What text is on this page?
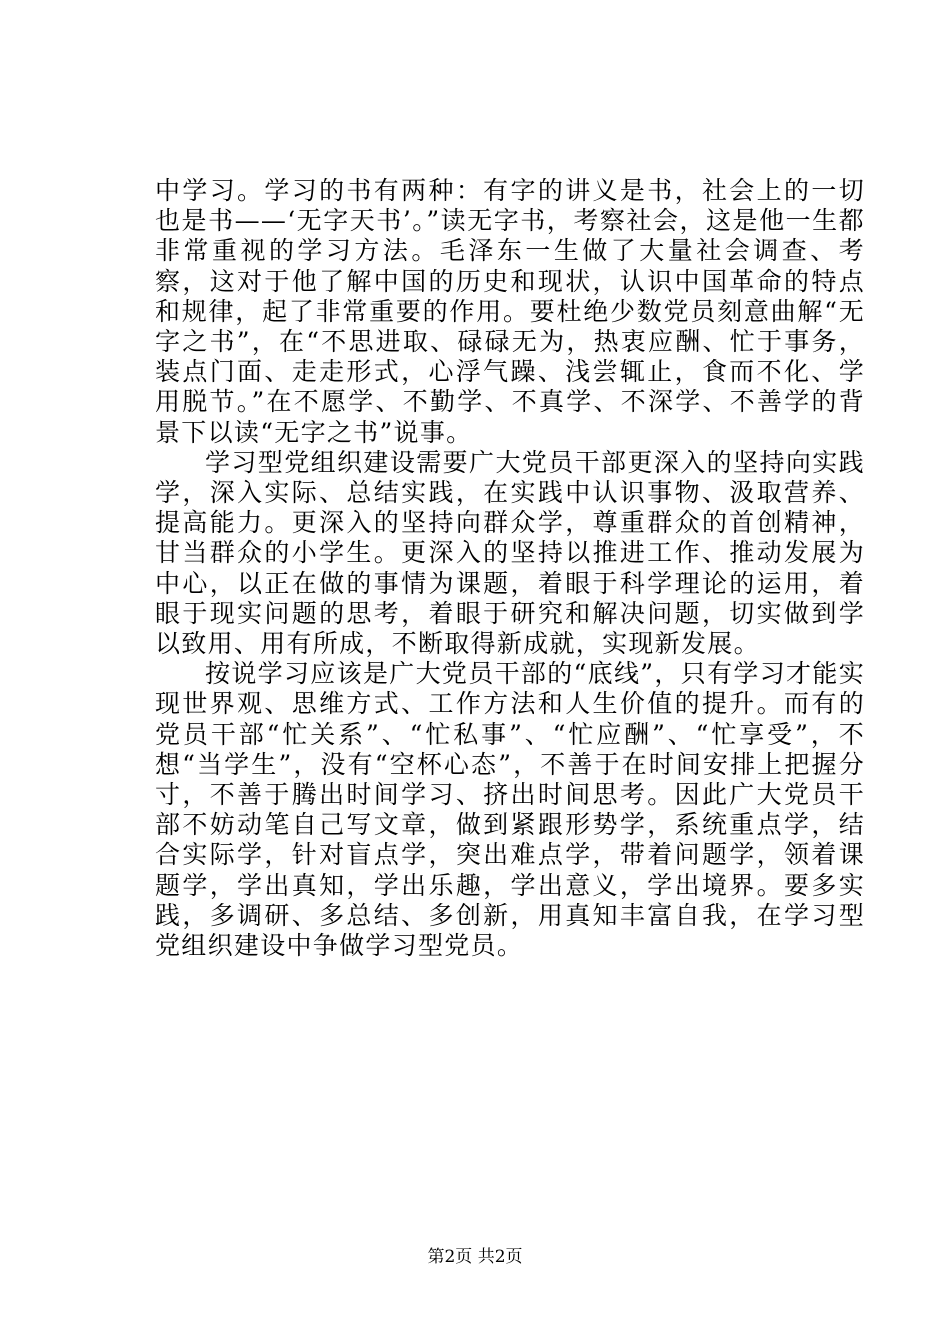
中学习。学习的书有两种：有字的讲义是书，社会上的一切也是书——‘无字天书’。”读无字书，考察社会，这是他一生都非常重视的学习方法。毛泽东一生做了大量社会调查、考察，这对于他了解中国的历史和现状，认识中国革命的特点和规律，起了非常重要的作用。要杜绝少数党员刻意曲解“无字之书”，在“不思进取、碌碌无为，热衷应酬、忙于事务，装点门面、走走形式，心浮气躁、浅尝辄止，食而不化、学用脱节。”在不愿学、不勤学、不真学、不深学、不善学的背景下以读“无字之书”说事。

学习型党组织建设需要广大党员干部更深入的坚持向实践学，深入实际、总结实践，在实践中认识事物、汲取营养、提高能力。更深入的坚持向群众学，尊重群众的首创精神，甘当群众的小学生。更深入的坚持以推进工作、推动发展为中心，以正在做的事情为课题，着眼于科学理论的运用，着眼于现实问题的思考，着眼于研究和解决问题，切实做到学以致用、用有所成，不断取得新成就，实现新发展。

按说学习应该是广大党员干部的“底线”，只有学习才能实现世界观、思维方式、工作方法和人生价值的提升。而有的党员干部“忙关系”、“忙私事”、“忙应酬”、“忙享受”，不想“当学生”，没有“空杯心态”，不善于在时间安排上把握分寸，不善于腾出时间学习、挤出时间思考。因此广大党员干部不妨动笔自己写文章，做到紧跟形势学，系统重点学，结合实际学，针对盲点学，突出难点学，带着问题学，领着课题学，学出真知，学出乐趣，学出意义，学出境界。要多实践，多调研、多总结、多创新，用真知丰富自我，在学习型党组织建设中争做学习型党员。

第2页 共2页
